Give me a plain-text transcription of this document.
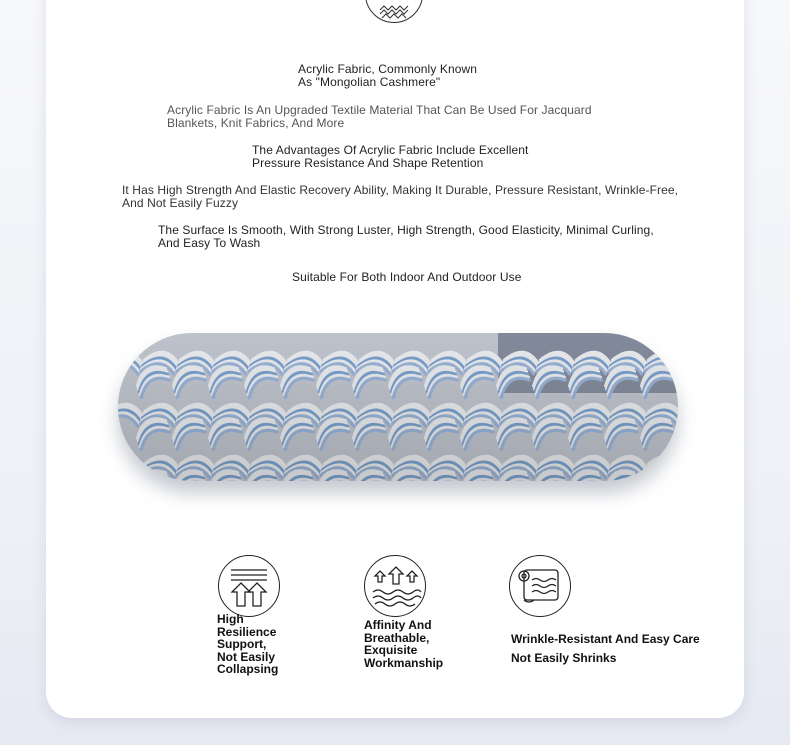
Acrylic Fabric, Commonly Known
As "Mongolian Cashmere"
Acrylic Fabric Is An Upgraded Textile Material That Can Be Used For Jacquard
Blankets, Knit Fabrics, And More
The Advantages Of Acrylic Fabric Include Excellent
Pressure Resistance And Shape Retention
It Has High Strength And Elastic Recovery Ability, Making It Durable, Pressure Resistant, Wrinkle-Free,
And Not Easily Fuzzy
The Surface Is Smooth, With Strong Luster, High Strength, Good Elasticity, Minimal Curling,
And Easy To Wash
Suitable For Both Indoor And Outdoor Use
High
Resilience
Support,
Not Easily
Collapsing
Affinity And
Breathable,
Exquisite
Workmanship
Wrinkle-Resistant And Easy Care
Not Easily Shrinks
